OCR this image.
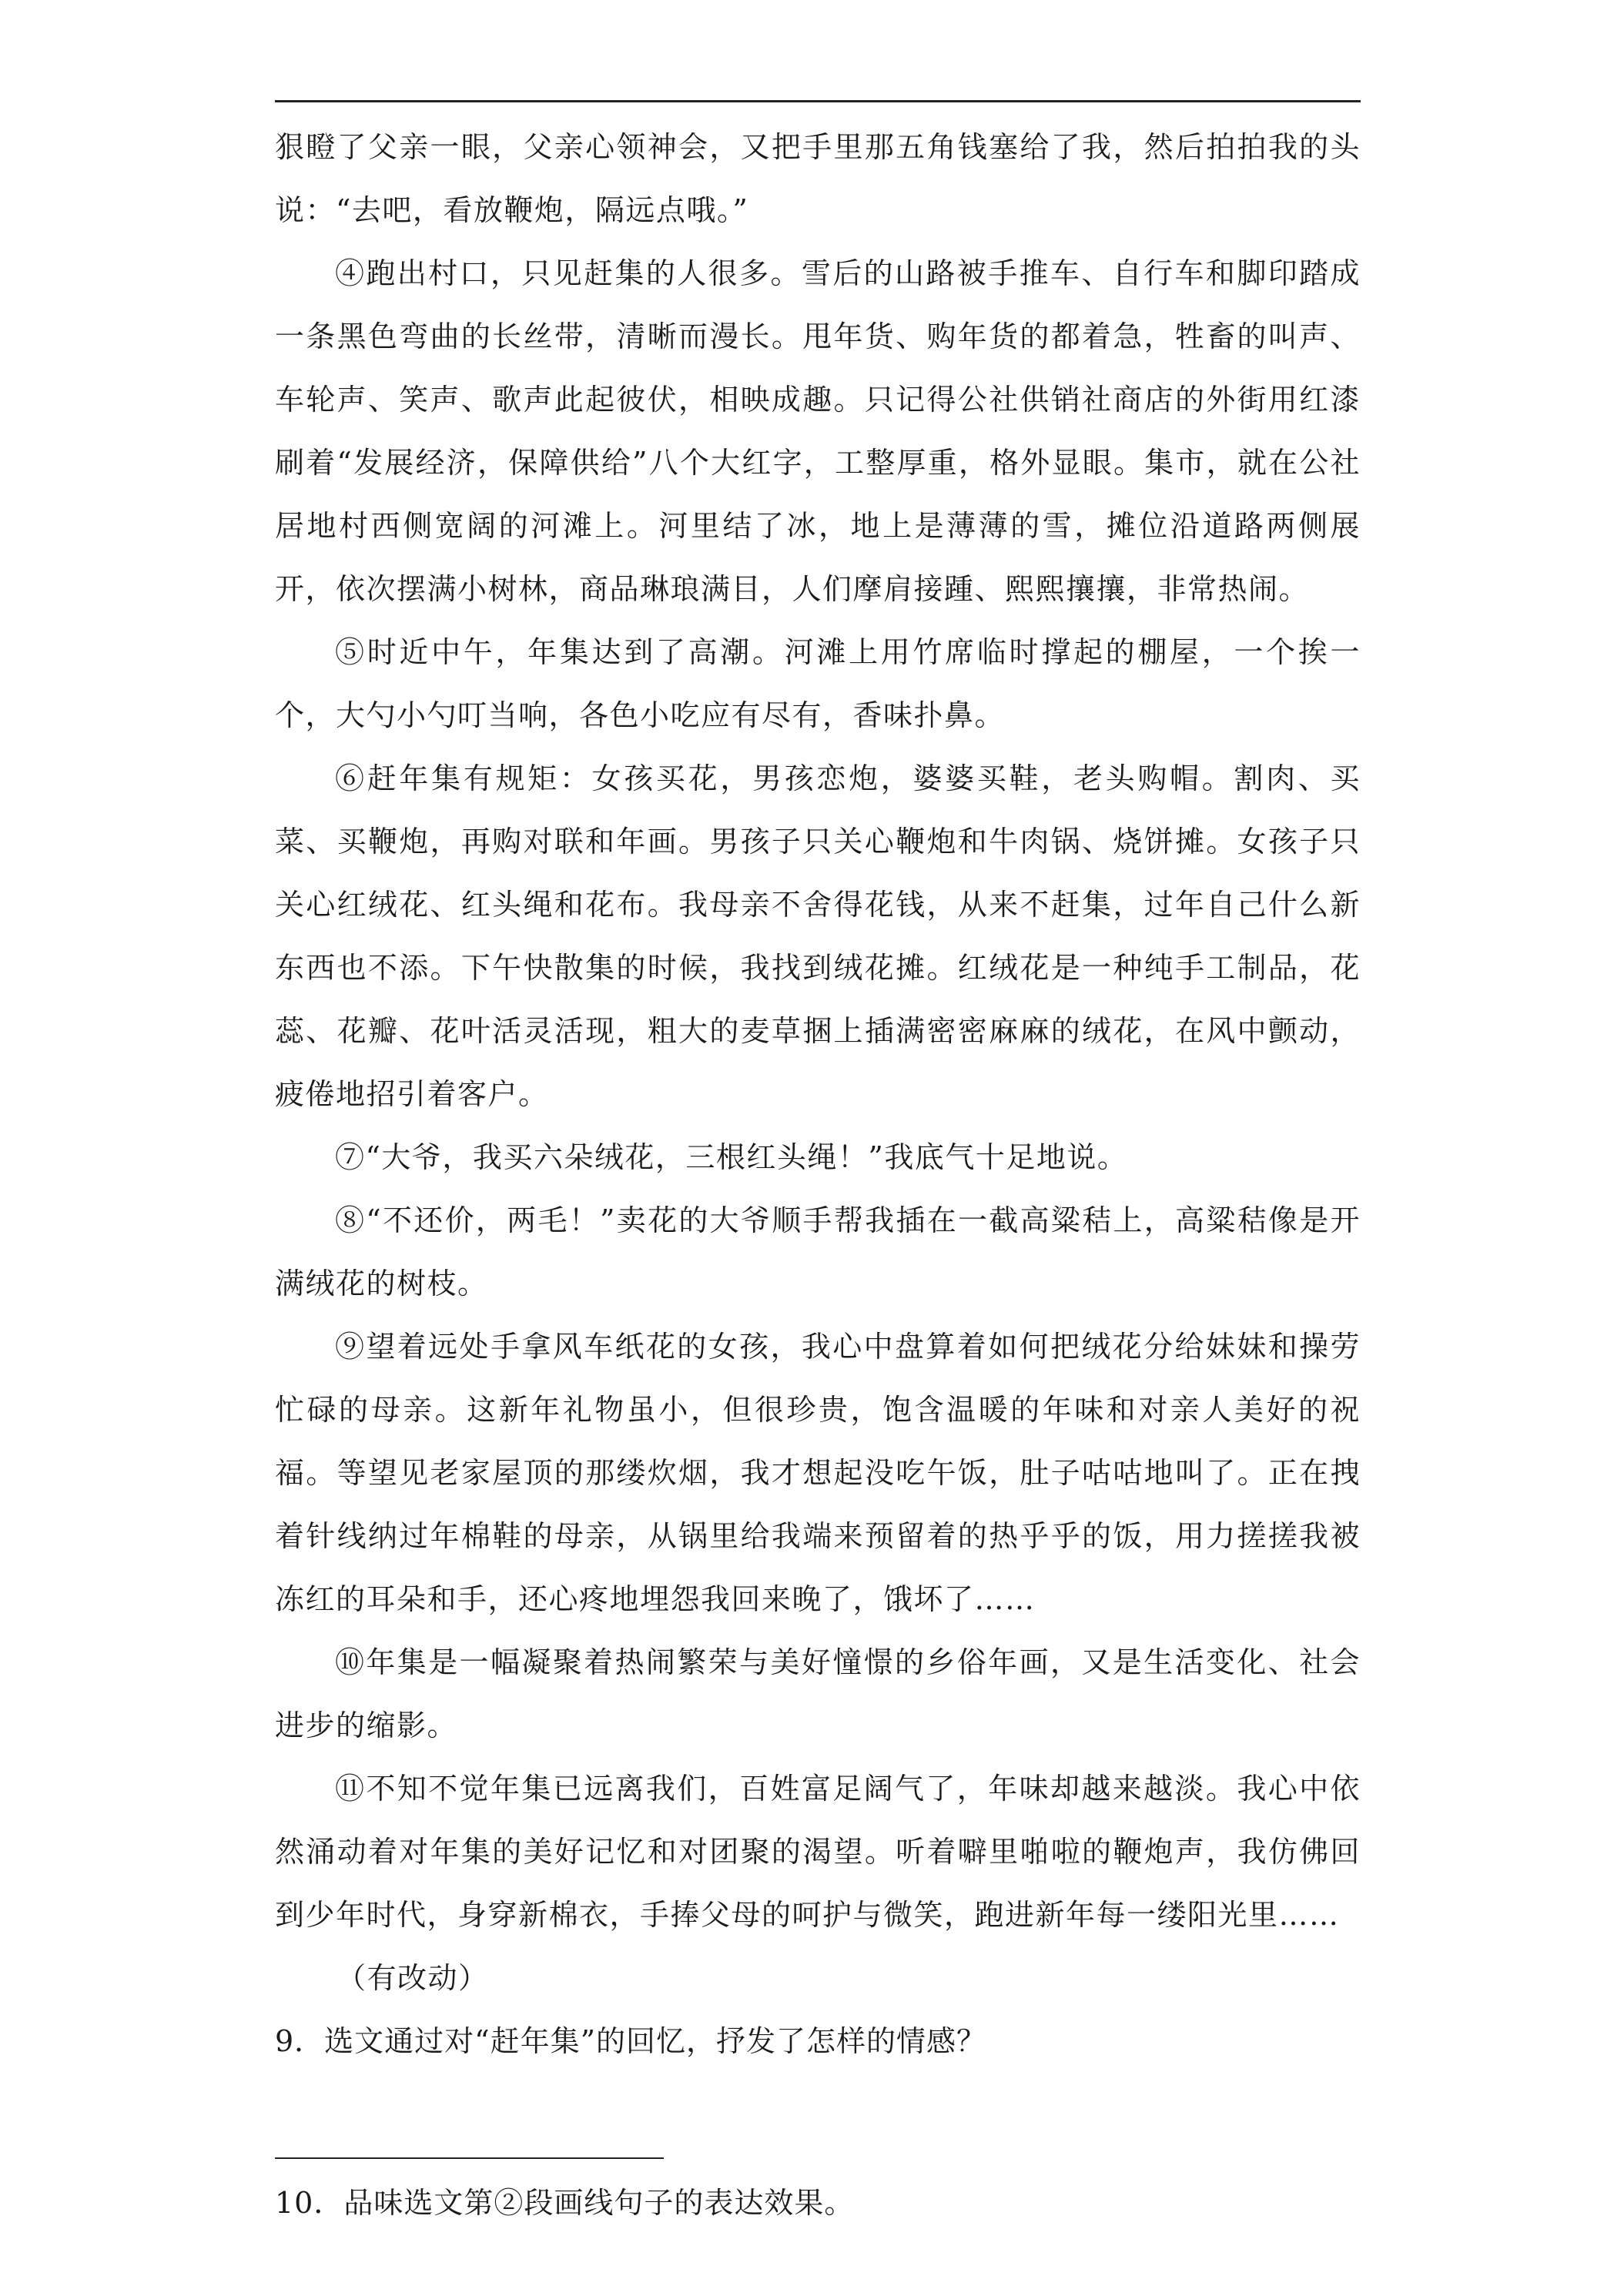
狠瞪了父亲一眼，父亲心领神会，又把手里那五角钱塞给了我，然后拍拍我的头说：“去吧，看放鞭炮，隔远点哦。”

④跑出村口，只见赶集的人很多。雪后的山路被手推车、自行车和脚印踏成一条黑色弯曲的长丝带，清晰而漫长。甩年货、购年货的都着急，牲畜的叫声、车轮声、笑声、歌声此起彼伏，相映成趣。只记得公社供销社商店的外街用红漆刷着“发展经济，保障供给”八个大红字，工整厚重，格外显眼。集市，就在公社居地村西侧宽阔的河滩上。河里结了冰，地上是薄薄的雪，摊位沿道路两侧展开，依次摆满小树林，商品琳琅满目，人们摩肩接踵、熙熙攘攘，非常热闹。

⑤时近中午，年集达到了高潮。河滩上用竹席临时撑起的棚屋，一个挨一个，大勺小勺叮当响，各色小吃应有尽有，香味扑鼻。

⑥赶年集有规矩：女孩买花，男孩恋炮，婆婆买鞋，老头购帽。割肉、买菜、买鞭炮，再购对联和年画。男孩子只关心鞭炮和牛肉锅、烧饼摊。女孩子只关心红绒花、红头绳和花布。我母亲不舍得花钱，从来不赶集，过年自己什么新东西也不添。下午快散集的时候，我找到绒花摊。红绒花是一种纯手工制品，花蕊、花瓣、花叶活灵活现，粗大的麦草捆上插满密密麻麻的绒花，在风中颤动，疲倦地招引着客户。

⑦“大爷，我买六朵绒花，三根红头绳！”我底气十足地说。

⑧“不还价，两毛！”卖花的大爷顺手帮我插在一截高粱秸上，高粱秸像是开满绒花的树枝。

⑨望着远处手拿风车纸花的女孩，我心中盘算着如何把绒花分给妹妹和操劳忙碌的母亲。这新年礼物虽小，但很珍贵，饱含温暖的年味和对亲人美好的祝福。等望见老家屋顶的那缕炊烟，我才想起没吃午饭，肚子咕咕地叫了。正在拽着针线纳过年棉鞋的母亲，从锅里给我端来预留着的热乎乎的饭，用力搓搓我被冻红的耳朵和手，还心疼地埋怨我回来晚了，饿坏了……

⑩年集是一幅凝聚着热闹繁荣与美好憧憬的乡俗年画，又是生活变化、社会进步的缩影。

⑪不知不觉年集已远离我们，百姓富足阔气了，年味却越来越淡。我心中依然涌动着对年集的美好记忆和对团聚的渴望。听着噼里啪啦的鞭炮声，我仿佛回到少年时代，身穿新棉衣，手捧父母的呵护与微笑，跑进新年每一缕阳光里……

（有改动）

9．选文通过对“赶年集”的回忆，抒发了怎样的情感？

10．品味选文第②段画线句子的表达效果。
